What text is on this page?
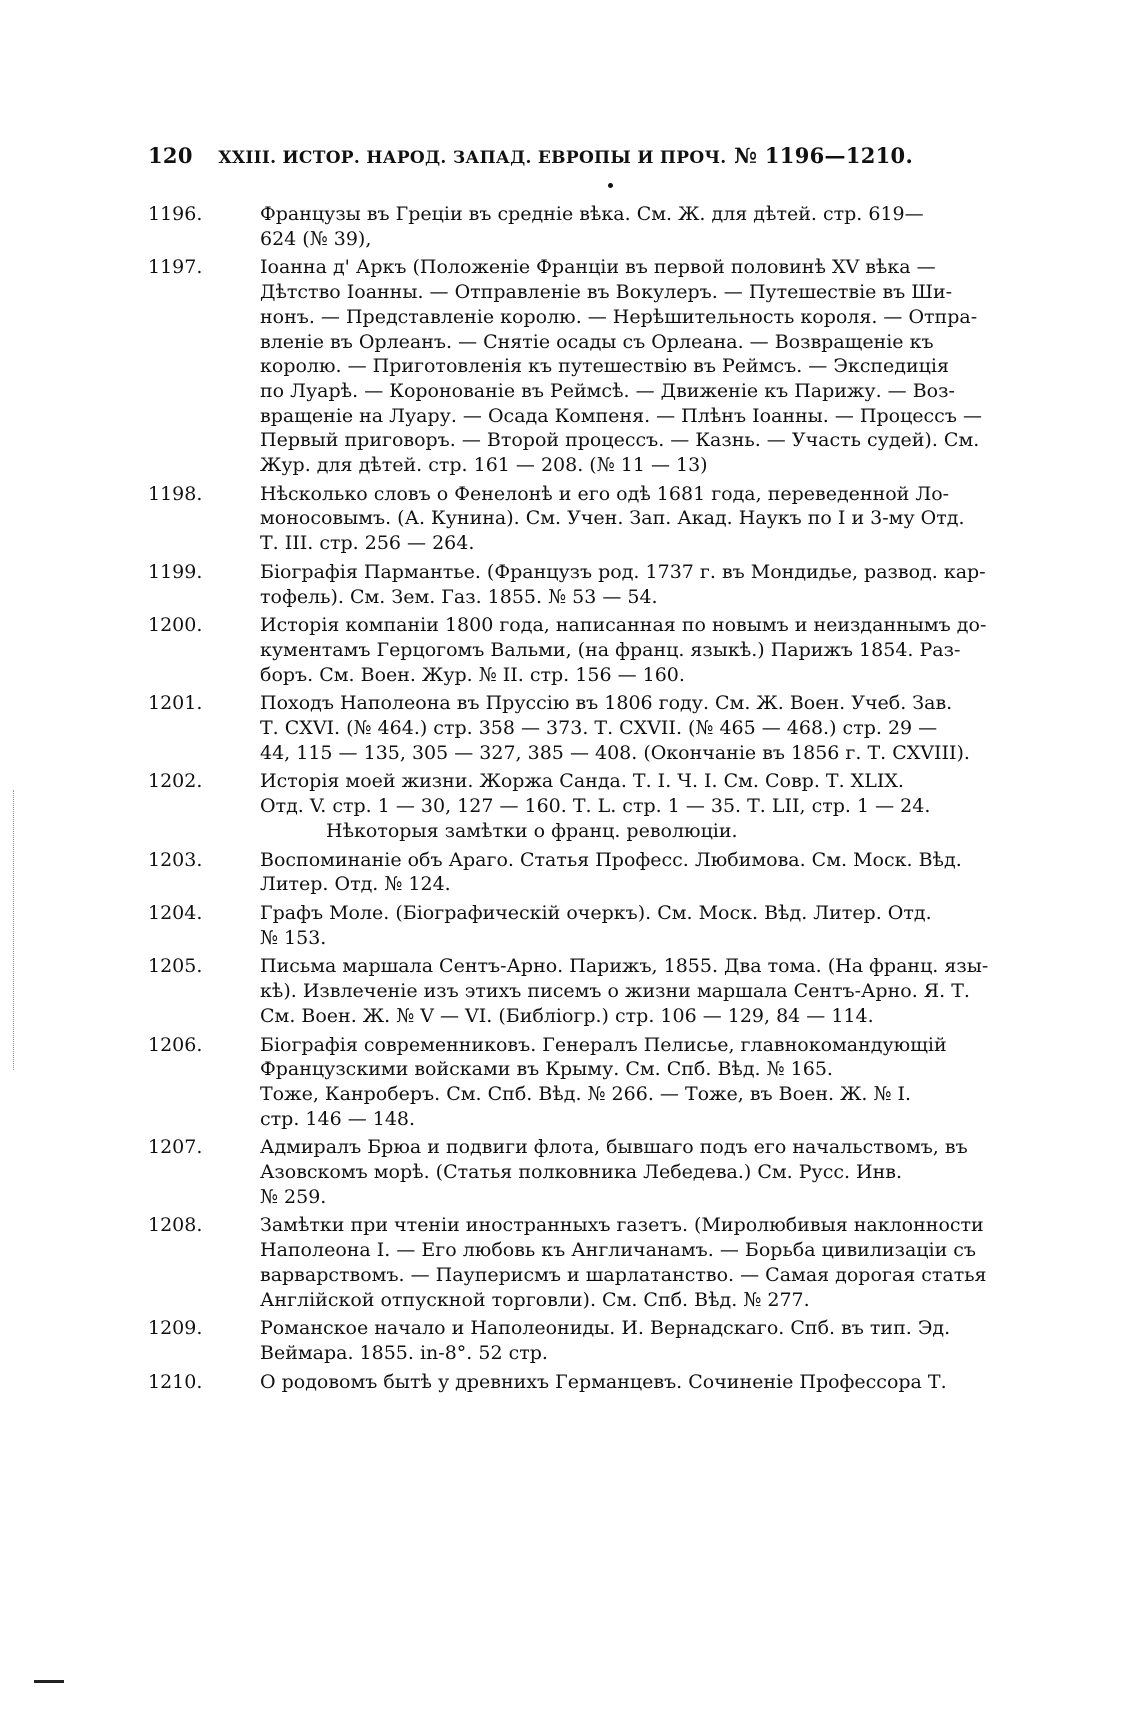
120 XXIII. ИСТОР. НАРОД. ЗАПАД. ЕВРОПЫ И ПРОЧ. № 1196—1210.
1196.	Французы въ Греціи въ средніе вѣка. См. Ж. для дѣтей. стр. 619—
624 (№ 39),
1197.	Іоанна д' Аркъ (Положеніе Франціи въ первой половинѣ XV вѣка —
Дѣтство Іоанны. — Отправленіе въ Вокулеръ. — Путешествіе въ Ши-
нонъ. — Представленіе королю. — Нерѣшительность короля. — Отпра-
вленіе въ Орлеанъ. — Снятіе осады съ Орлеана. — Возвращеніе къ
королю. — Приготовленія къ путешествію въ Реймсъ. — Экспедиція
по Луарѣ. — Коронованіе въ Реймсѣ. — Движеніе къ Парижу. — Воз-
вращеніе на Луару. — Осада Компеня. — Плѣнъ Іоанны. — Процессъ —
Первый приговоръ. — Второй процессъ. — Казнь. — Участь судей). См.
Жур. для дѣтей. стр. 161 — 208. (№ 11 — 13)
1198.	Нѣсколько словъ о Фенелонѣ и его одѣ 1681 года, переведенной Ло-
моносовымъ. (А. Кунина). См. Учен. Зап. Акад. Наукъ по I и 3-му Отд.
Т. III. стр. 256 — 264.
1199.	Біографія Пармантье. (Французъ род. 1737 г. въ Мондидье, развод. кар-
тофель). См. Зем. Газ. 1855. № 53 — 54.
1200.	Исторія компаніи 1800 года, написанная по новымъ и неизданнымъ до-
кументамъ Герцогомъ Вальми, (на франц. языкѣ.) Парижъ 1854. Раз-
боръ. См. Воен. Жур. № II. стр. 156 — 160.
1201.	Походъ Наполеона въ Пруссію въ 1806 году. См. Ж. Воен. Учеб. Зав.
Т. CXVI. (№ 464.) стр. 358 — 373. Т. CXVII. (№ 465 — 468.) стр. 29 —
44, 115 — 135, 305 — 327, 385 — 408. (Окончаніе въ 1856 г. Т. CXVIII).
1202.	Исторія моей жизни. Жоржа Санда. Т. I. Ч. I. См. Совр. Т. XLIX.
Отд. V. стр. 1 — 30, 127 — 160. Т. L. стр. 1 — 35. Т. LII, стр. 1 — 24.
Нѣкоторыя замѣтки о франц. революціи.
1203.	Воспоминаніе объ Араго. Статья Професс. Любимова. См. Моск. Вѣд.
Литер. Отд. № 124.
1204.	Графъ Моле. (Біографическій очеркъ). См. Моск. Вѣд. Литер. Отд.
№ 153.
1205.	Письма маршала Сентъ-Арно. Парижъ, 1855. Два тома. (На франц. язы-
кѣ). Извлеченіе изъ этихъ писемъ о жизни маршала Сентъ-Арно. Я. Т.
См. Воен. Ж. № V — VI. (Библіогр.) стр. 106 — 129, 84 — 114.
1206.	Біографія современниковъ. Генералъ Пелисье, главнокомандующій
Французскими войсками въ Крыму. См. Спб. Вѣд. № 165.
Тоже, Канроберъ. См. Спб. Вѣд. № 266. — Тоже, въ Воен. Ж. № I.
стр. 146 — 148.
1207.	Адмиралъ Брюа и подвиги флота, бывшаго подъ его начальствомъ, въ
Азовскомъ морѣ. (Статья полковника Лебедева.) См. Русс. Инв.
№ 259.
1208.	Замѣтки при чтеніи иностранныхъ газетъ. (Миролюбивыя наклонности
Наполеона I. — Его любовь къ Англичанамъ. — Борьба цивилизаціи съ
варварствомъ. — Пауперисмъ и шарлатанство. — Самая дорогая статья
Англійской отпускной торговли). См. Спб. Вѣд. № 277.
1209.	Романское начало и Наполеониды. И. Вернадскаго. Спб. въ тип. Эд.
Веймара. 1855. in-8°. 52 стр.
1210.	О родовомъ бытѣ у древнихъ Германцевъ. Сочиненіе Профессора Т.
